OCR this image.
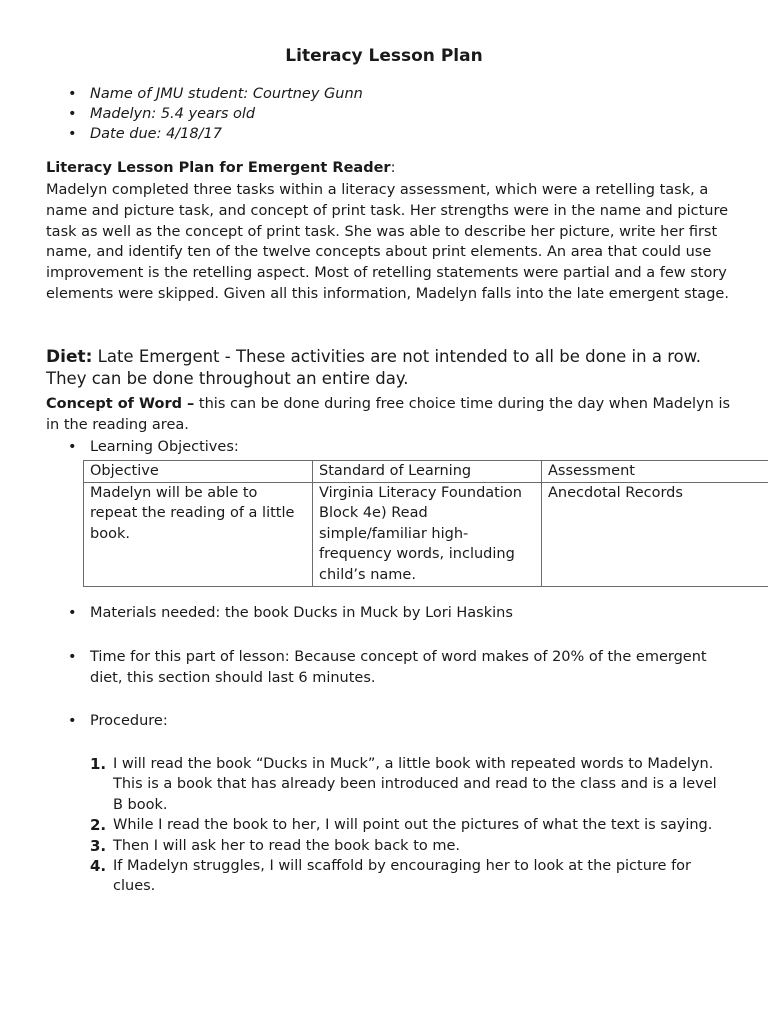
Literacy Lesson Plan
• Name of JMU student: Courtney Gunn
• Madelyn: 5.4 years old
• Date due: 4/18/17
Literacy Lesson Plan for Emergent Reader:

Madelyn completed three tasks within a literacy assessment, which were a retelling task, a name and picture task, and concept of print task. Her strengths were in the name and picture task as well as the concept of print task. She was able to describe her picture, write her first name, and identify ten of the twelve concepts about print elements. An area that could use improvement is the retelling aspect. Most of retelling statements were partial and a few story elements were skipped. Given all this information, Madelyn falls into the late emergent stage.

Diet: Late Emergent - These activities are not intended to all be done in a row. They can be done throughout an entire day.

Concept of Word – this can be done during free choice time during the day when Madelyn is in the reading area.

• Learning Objectives:
Objective	Standard of Learning	Assessment
Madelyn will be able to repeat the reading of a little book.	Virginia Literacy Foundation Block 4e) Read simple/familiar high-frequency words, including child’s name.	Anecdotal Records
• Materials needed: the book Ducks in Muck by Lori Haskins
• Time for this part of lesson: Because concept of word makes of 20% of the emergent diet, this section should last 6 minutes.
• Procedure:
1. I will read the book “Ducks in Muck”, a little book with repeated words to Madelyn. This is a book that has already been introduced and read to the class and is a level B book.
2. While I read the book to her, I will point out the pictures of what the text is saying.
3. Then I will ask her to read the book back to me.
4. If Madelyn struggles, I will scaffold by encouraging her to look at the picture for clues.
